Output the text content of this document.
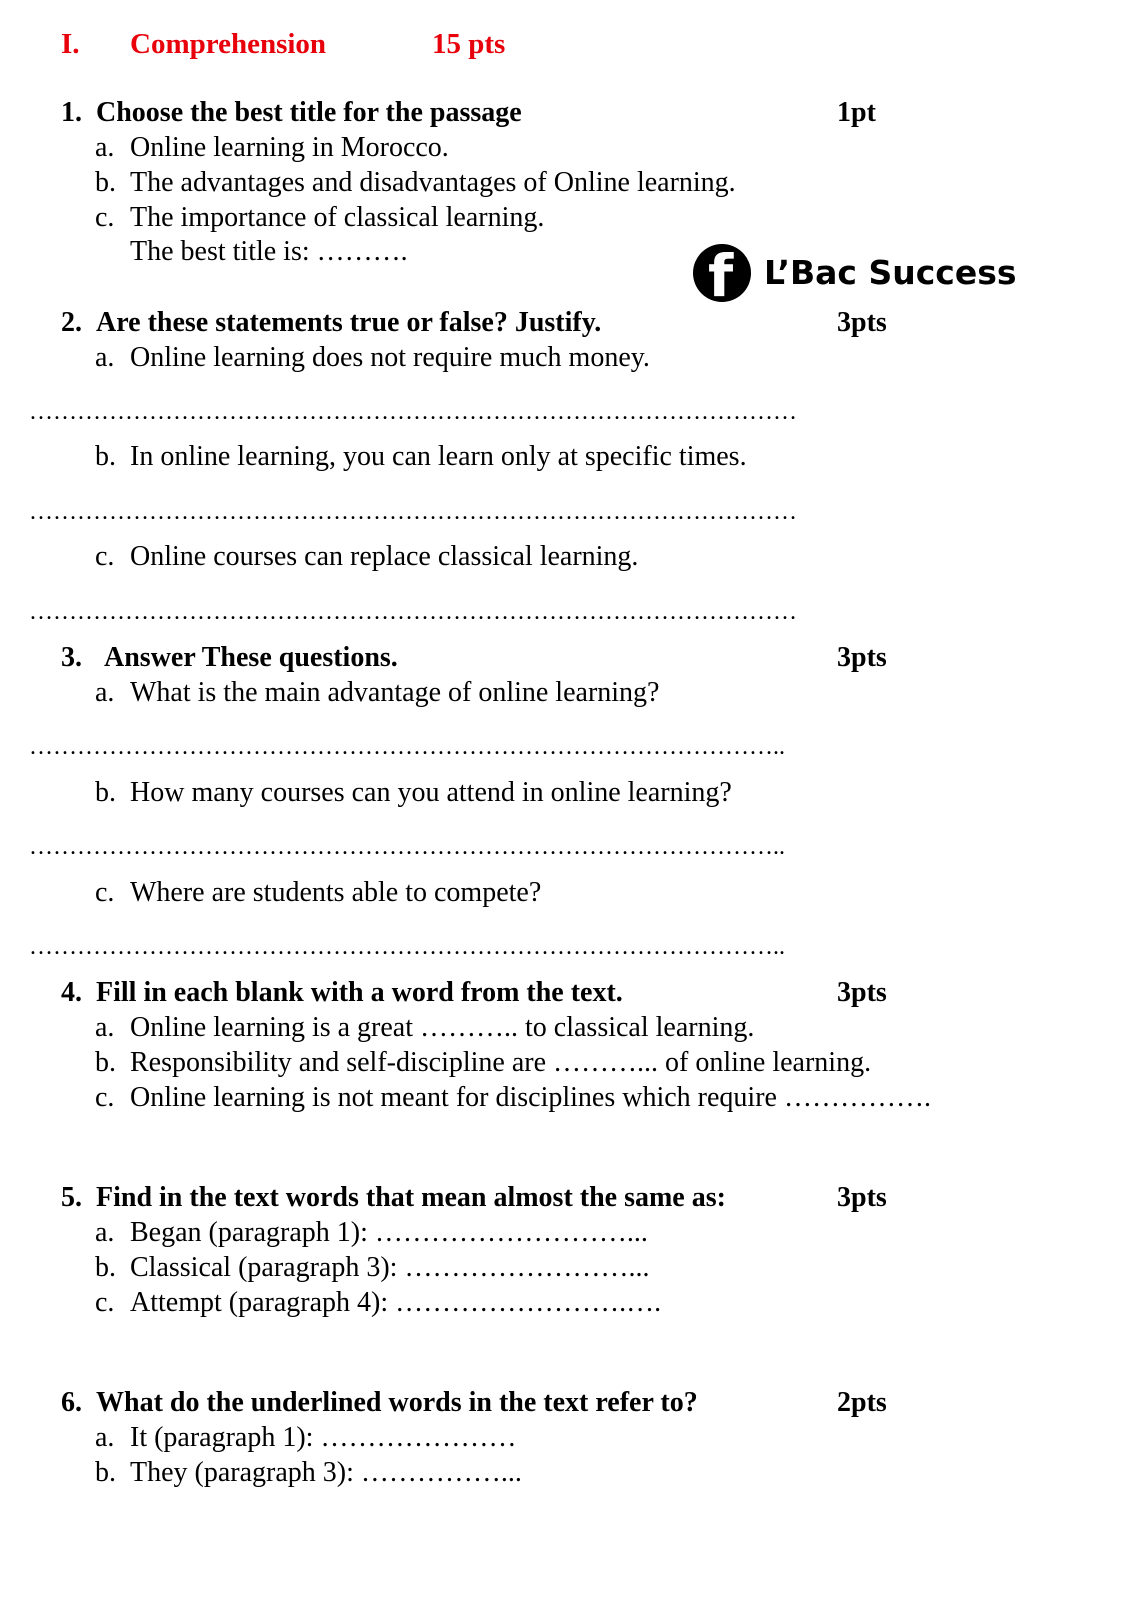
I. Comprehension	15 pts
1. Choose the best title for the passage	1pt
a. Online learning in Morocco.
b. The advantages and disadvantages of Online learning.
c. The importance of classical learning.
The best title is: ……….	f L’Bac Success
2. Are these statements true or false? Justify.	3pts
a. Online learning does not require much money.
……………………………………………………………………………………
b. In online learning, you can learn only at specific times.
……………………………………………………………………………………
c. Online courses can replace classical learning.
……………………………………………………………………………………
3. Answer These questions.	3pts
a. What is the main advantage of online learning?
…………………………………………………………………………………..
b. How many courses can you attend in online learning?
…………………………………………………………………………………..
c. Where are students able to compete?
…………………………………………………………………………………..
4. Fill in each blank with a word from the text.	3pts
a. Online learning is a great ……….. to classical learning.
b. Responsibility and self-discipline are ………... of online learning.
c. Online learning is not meant for disciplines which require …………….
5. Find in the text words that mean almost the same as:	3pts
a. Began (paragraph 1): ………………………...
b. Classical (paragraph 3): ……………………...
c. Attempt (paragraph 4): …………………….….
6. What do the underlined words in the text refer to?	2pts
a. It (paragraph 1): …………………
b. They (paragraph 3): ……………...
